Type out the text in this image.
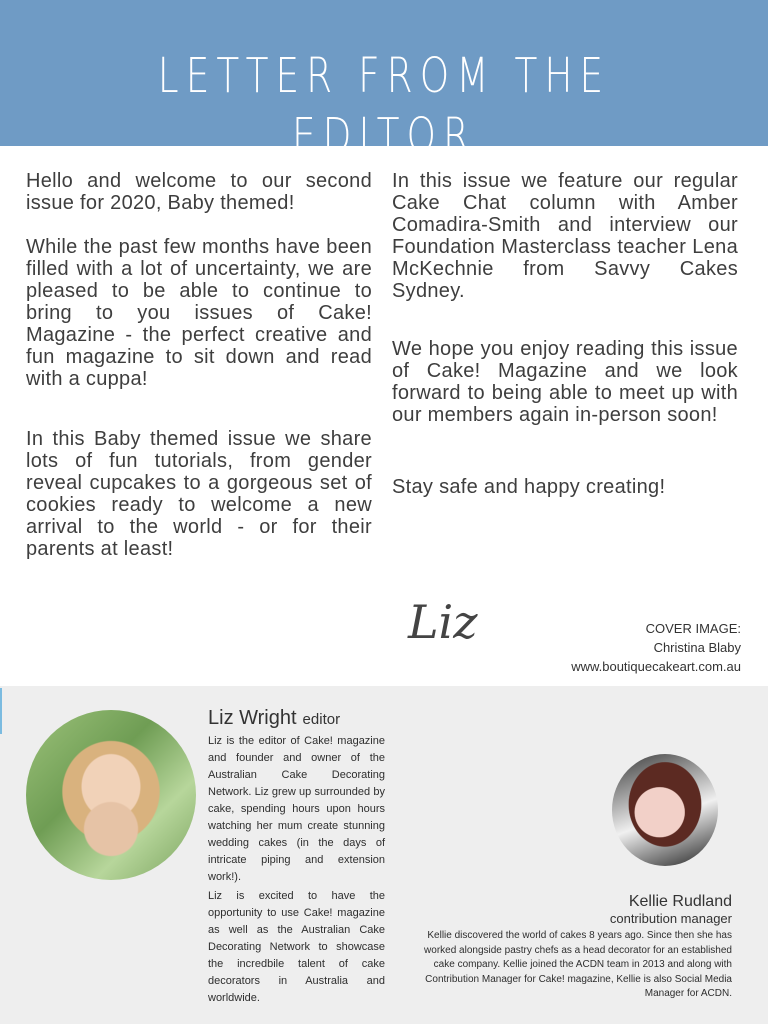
LETTER FROM THE EDITOR

Hello and welcome to our second issue for 2020, Baby themed!

While the past few months have been filled with a lot of uncertainty, we are pleased to be able to continue to bring to you issues of Cake! Magazine - the perfect creative and fun magazine to sit down and read with a cuppa!

In this Baby themed issue we share lots of fun tutorials, from gender reveal cupcakes to a gorgeous set of cookies ready to welcome a new arrival to the world - or for their parents at least!

In this issue we feature our regular Cake Chat column with Amber Comadira-Smith and interview our Foundation Masterclass teacher Lena McKechnie from Savvy Cakes Sydney.

We hope you enjoy reading this issue of Cake! Magazine and we look forward to being able to meet up with our members again in-person soon!

Stay safe and happy creating!

Liz	COVER IMAGE:
Christina Blaby
www.boutiquecakeart.com.au
Liz Wright editor
Liz is the editor of Cake! magazine and founder and owner of the Australian Cake Decorating Network. Liz grew up surrounded by cake, spending hours upon hours watching her mum create stunning wedding cakes (in the days of intricate piping and extension work!).
Liz is excited to have the opportunity to use Cake! magazine as well as the Australian Cake Decorating Network to showcase the incredbile talent of cake decorators in Australia and worldwide.
Kellie Rudland
contribution manager
Kellie discovered the world of cakes 8 years ago. Since then she has worked alongside pastry chefs as a head decorator for an established cake company. Kellie joined the ACDN team in 2013 and along with Contribution Manager for Cake! magazine, Kellie is also Social Media Manager for ACDN.
